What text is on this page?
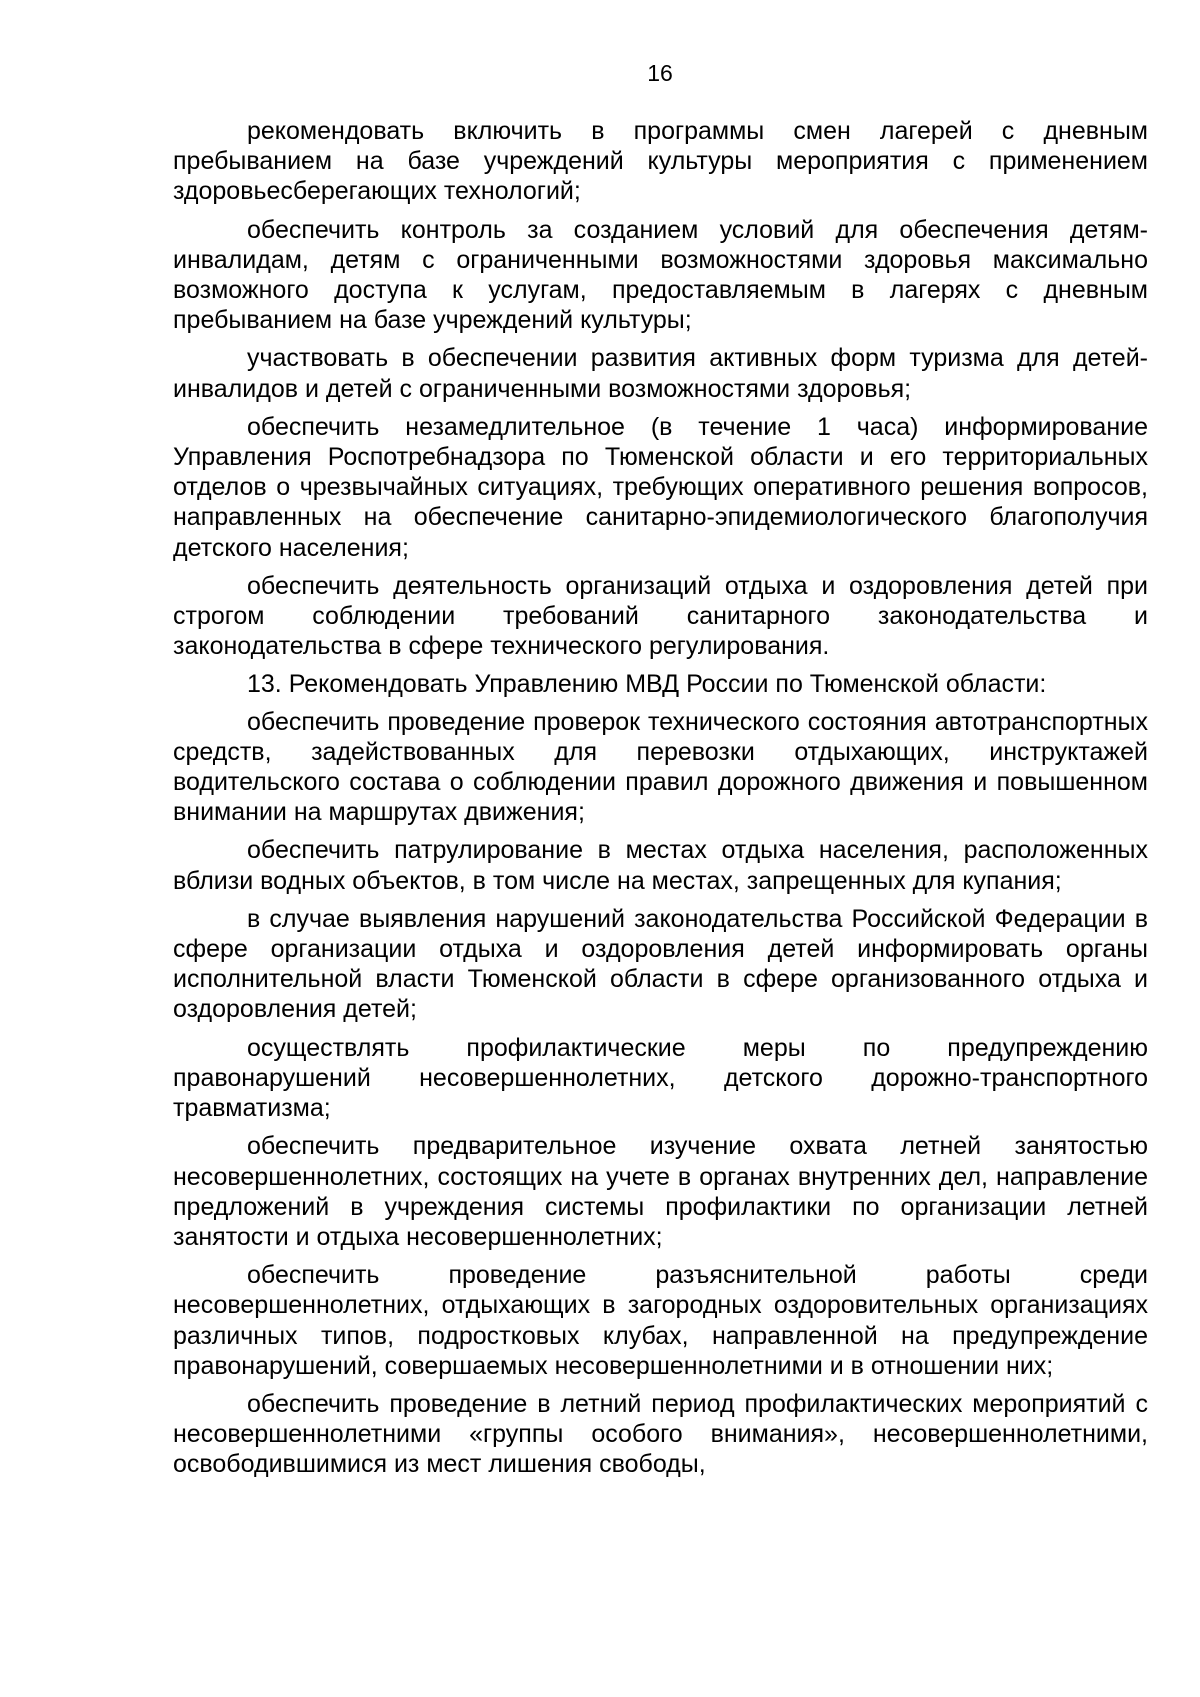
16

рекомендовать включить в программы смен лагерей с дневным пребыванием на базе учреждений культуры мероприятия с применением здоровьесберегающих технологий;

обеспечить контроль за созданием условий для обеспечения детям-инвалидам, детям с ограниченными возможностями здоровья максимально возможного доступа к услугам, предоставляемым в лагерях с дневным пребыванием на базе учреждений культуры;

участвовать в обеспечении развития активных форм туризма для детей-инвалидов и детей с ограниченными возможностями здоровья;

обеспечить незамедлительное (в течение 1 часа) информирование Управления Роспотребнадзора по Тюменской области и его территориальных отделов о чрезвычайных ситуациях, требующих оперативного решения вопросов, направленных на обеспечение санитарно-эпидемиологического благополучия детского населения;

обеспечить деятельность организаций отдыха и оздоровления детей при строгом соблюдении требований санитарного законодательства и законодательства в сфере технического регулирования.

13. Рекомендовать Управлению МВД России по Тюменской области:

обеспечить проведение проверок технического состояния автотранспортных средств, задействованных для перевозки отдыхающих, инструктажей водительского состава о соблюдении правил дорожного движения и повышенном внимании на маршрутах движения;

обеспечить патрулирование в местах отдыха населения, расположенных вблизи водных объектов, в том числе на местах, запрещенных для купания;

в случае выявления нарушений законодательства Российской Федерации в сфере организации отдыха и оздоровления детей информировать органы исполнительной власти Тюменской области в сфере организованного отдыха и оздоровления детей;

осуществлять профилактические меры по предупреждению правонарушений несовершеннолетних, детского дорожно-транспортного травматизма;

обеспечить предварительное изучение охвата летней занятостью несовершеннолетних, состоящих на учете в органах внутренних дел, направление предложений в учреждения системы профилактики по организации летней занятости и отдыха несовершеннолетних;

обеспечить проведение разъяснительной работы среди несовершеннолетних, отдыхающих в загородных оздоровительных организациях различных типов, подростковых клубах, направленной на предупреждение правонарушений, совершаемых несовершеннолетними и в отношении них;

обеспечить проведение в летний период профилактических мероприятий с несовершеннолетними «группы особого внимания», несовершеннолетними, освободившимися из мест лишения свободы,
